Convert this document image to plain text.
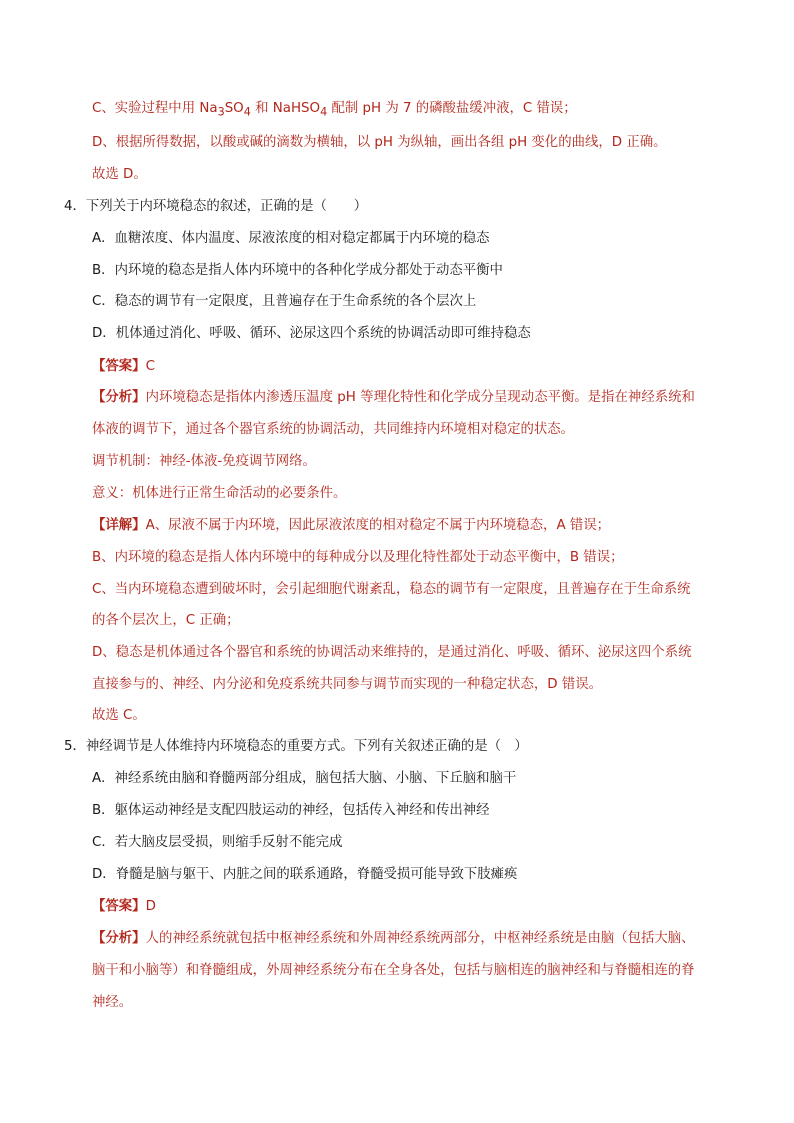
C、实验过程中用 $Na_3SO_4$ 和 NaHSO$_4$ 配制 pH 为 7 的磷酸盐缓冲液，C 错误；
D、根据所得数据，以酸或碱的滴数为横轴，以 pH 为纵轴，画出各组 pH 变化的曲线，D 正确。
故选 D。
4．下列关于内环境稳态的叙述，正确的是（　　）
A．血糖浓度、体内温度、尿液浓度的相对稳定都属于内环境的稳态
B．内环境的稳态是指人体内环境中的各种化学成分都处于动态平衡中
C．稳态的调节有一定限度，且普遍存在于生命系统的各个层次上
D．机体通过消化、呼吸、循环、泌尿这四个系统的协调活动即可维持稳态
【答案】C
【分析】内环境稳态是指体内渗透压温度 pH 等理化特性和化学成分呈现动态平衡。是指在神经系统和
体液的调节下，通过各个器官系统的协调活动，共同维持内环境相对稳定的状态。
调节机制：神经-体液-免疫调节网络。
意义：机体进行正常生命活动的必要条件。
【详解】A、尿液不属于内环境，因此尿液浓度的相对稳定不属于内环境稳态，A 错误；
B、内环境的稳态是指人体内环境中的每种成分以及理化特性都处于动态平衡中，B 错误；
C、当内环境稳态遭到破坏时，会引起细胞代谢紊乱，稳态的调节有一定限度，且普遍存在于生命系统
的各个层次上，C 正确；
D、稳态是机体通过各个器官和系统的协调活动来维持的，是通过消化、呼吸、循环、泌尿这四个系统
直接参与的、神经、内分泌和免疫系统共同参与调节而实现的一种稳定状态，D 错误。
故选 C。
5．神经调节是人体维持内环境稳态的重要方式。下列有关叙述正确的是（　）
A．神经系统由脑和脊髓两部分组成，脑包括大脑、小脑、下丘脑和脑干
B．躯体运动神经是支配四肢运动的神经，包括传入神经和传出神经
C．若大脑皮层受损，则缩手反射不能完成
D．脊髓是脑与躯干、内脏之间的联系通路，脊髓受损可能导致下肢瘫痪
【答案】D
【分析】人的神经系统就包括中枢神经系统和外周神经系统两部分，中枢神经系统是由脑（包括大脑、
脑干和小脑等）和脊髓组成，外周神经系统分布在全身各处，包括与脑相连的脑神经和与脊髓相连的脊
神经。
